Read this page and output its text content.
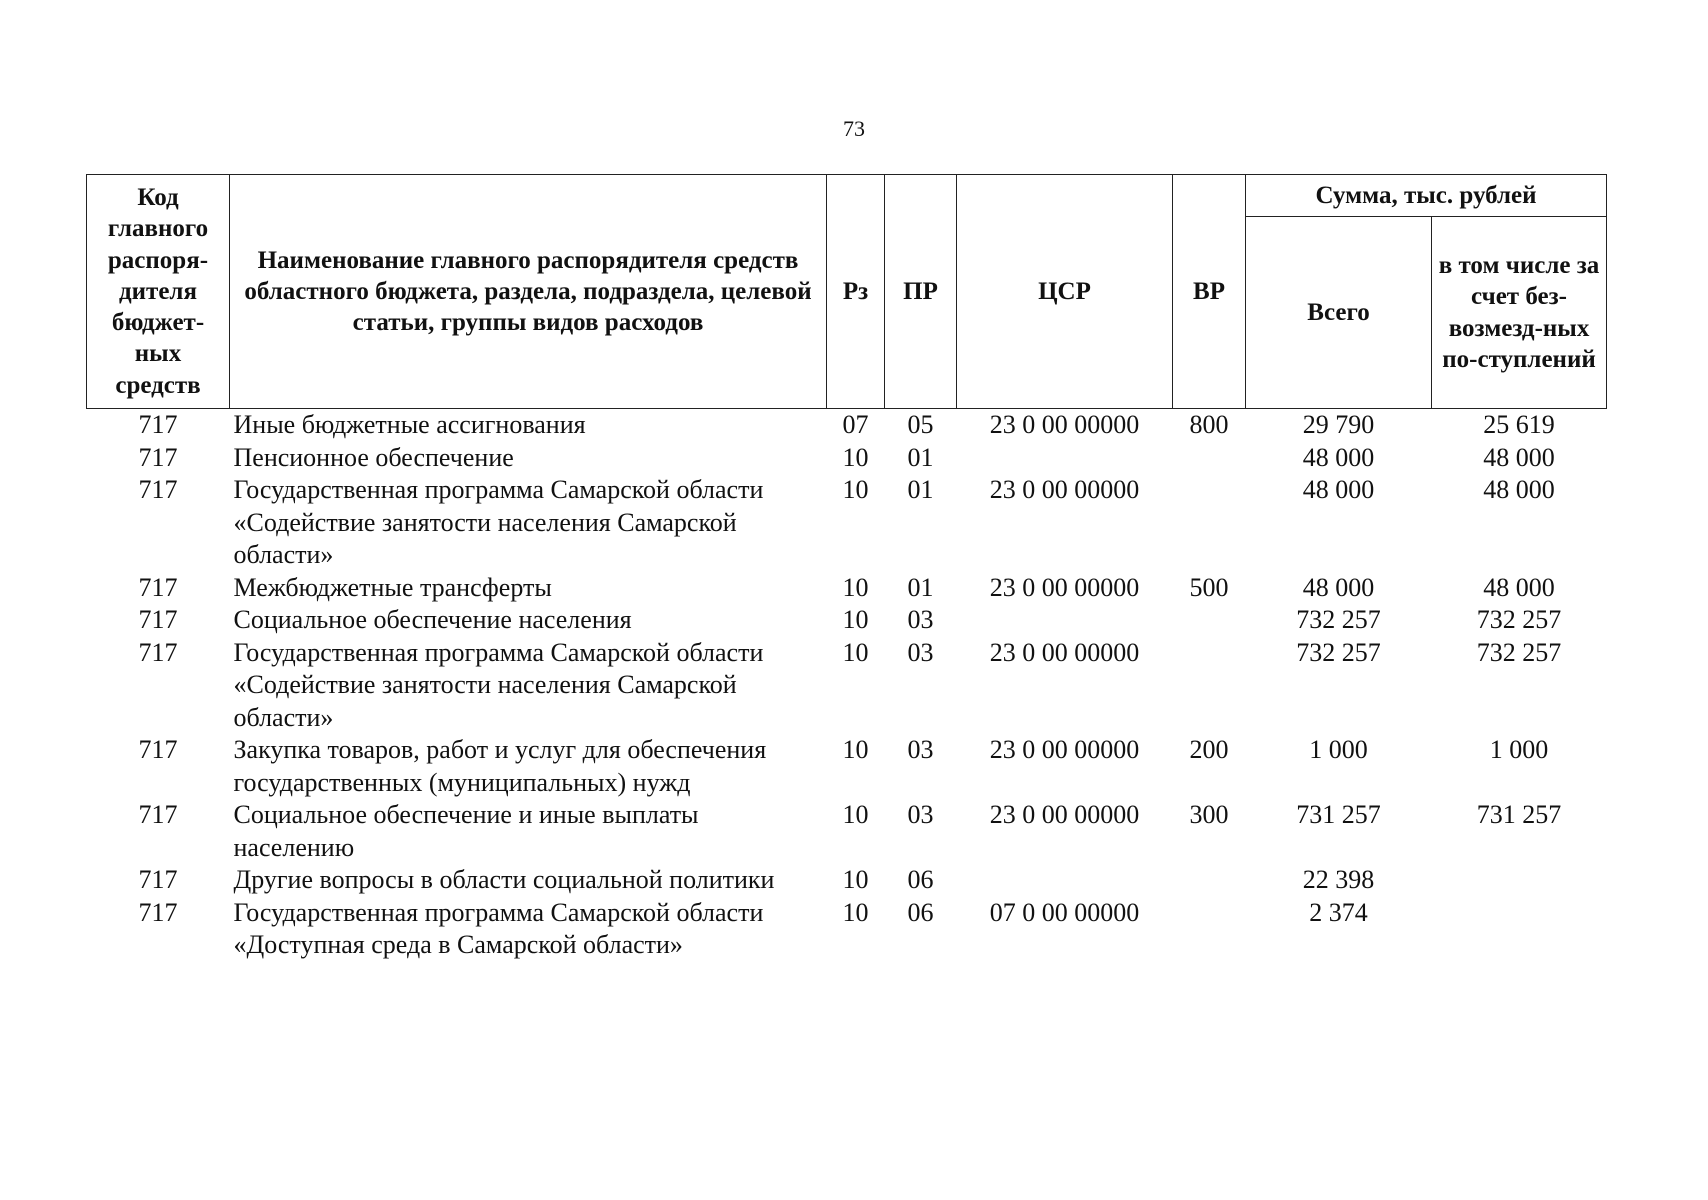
73
Код главного распоря-дителя бюджет-ных средств	Наименование главного распорядителя средств областного бюджета, раздела, подраздела, целевой статьи, группы видов расходов	Рз	ПР	ЦСР	ВР	Сумма, тыс. рублей	
						Всего	в том числе за счет без-возмезд-ных по-ступлений
717	Иные бюджетные ассигнования	07	05	23 0 00 00000	800	29 790	25 619
717	Пенсионное обеспечение	10	01			48 000	48 000
717	Государственная программа Самарской области «Содействие занятости населения Самарской области»	10	01	23 0 00 00000		48 000	48 000
717	Межбюджетные трансферты	10	01	23 0 00 00000	500	48 000	48 000
717	Социальное обеспечение населения	10	03			732 257	732 257
717	Государственная программа Самарской области «Содействие занятости населения Самарской области»	10	03	23 0 00 00000		732 257	732 257
717	Закупка товаров, работ и услуг для обеспечения государственных (муниципальных) нужд	10	03	23 0 00 00000	200	1 000	1 000
717	Социальное обеспечение и иные выплаты населению	10	03	23 0 00 00000	300	731 257	731 257
717	Другие вопросы в области социальной политики	10	06			22 398	
717	Государственная программа Самарской области «Доступная среда в Самарской области»	10	06	07 0 00 00000		2 374	
